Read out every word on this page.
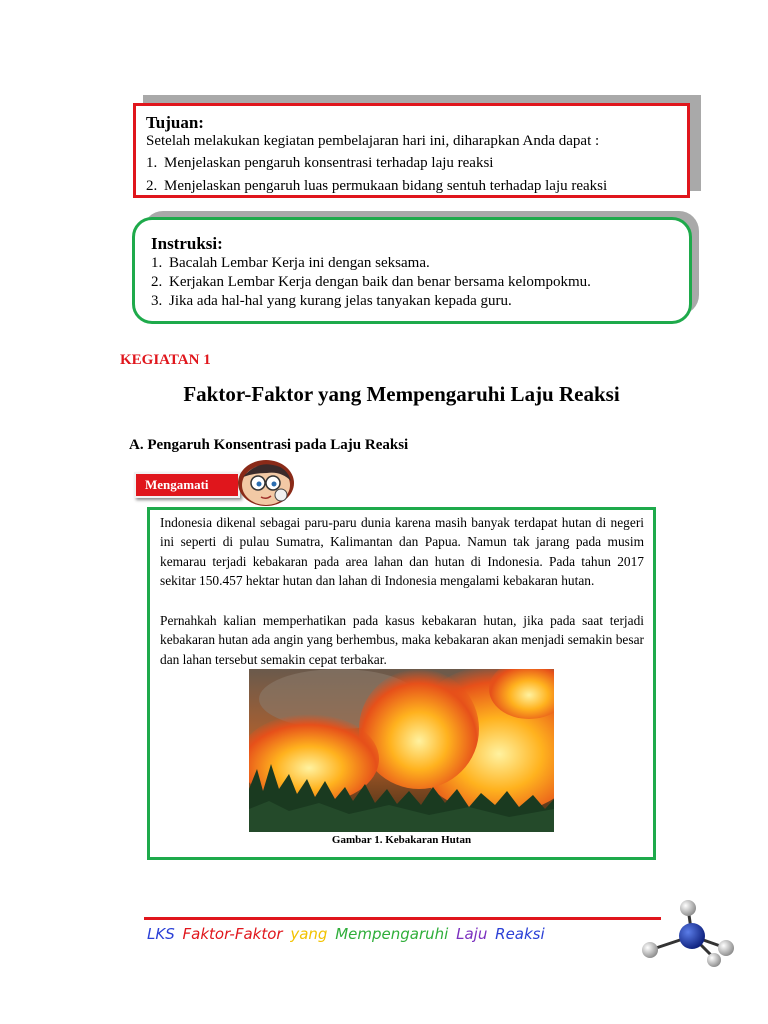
Tujuan:
Setelah melakukan kegiatan pembelajaran hari ini, diharapkan Anda dapat :
1. Menjelaskan pengaruh konsentrasi terhadap laju reaksi
2. Menjelaskan pengaruh luas permukaan bidang sentuh terhadap laju reaksi
Instruksi:
1. Bacalah Lembar Kerja ini dengan seksama.
2. Kerjakan Lembar Kerja dengan baik dan benar bersama kelompokmu.
3. Jika ada hal-hal yang kurang jelas tanyakan kepada guru.
KEGIATAN 1
Faktor-Faktor yang Mempengaruhi Laju Reaksi
A. Pengaruh Konsentrasi pada Laju Reaksi
Mengamati
Indonesia dikenal sebagai paru-paru dunia karena masih banyak terdapat hutan di negeri ini seperti di pulau Sumatra, Kalimantan dan Papua. Namun tak jarang pada musim kemarau terjadi kebakaran pada area lahan dan hutan di Indonesia. Pada tahun 2017 sekitar 150.457 hektar hutan dan lahan di Indonesia mengalami kebakaran hutan.
Pernahkah kalian memperhatikan pada kasus kebakaran hutan, jika pada saat terjadi kebakaran hutan ada angin yang berhembus, maka kebakaran akan menjadi semakin besar dan lahan tersebut semakin cepat terbakar.
Gambar 1. Kebakaran Hutan
LKS Faktor-Faktor yang Mempengaruhi Laju Reaksi
